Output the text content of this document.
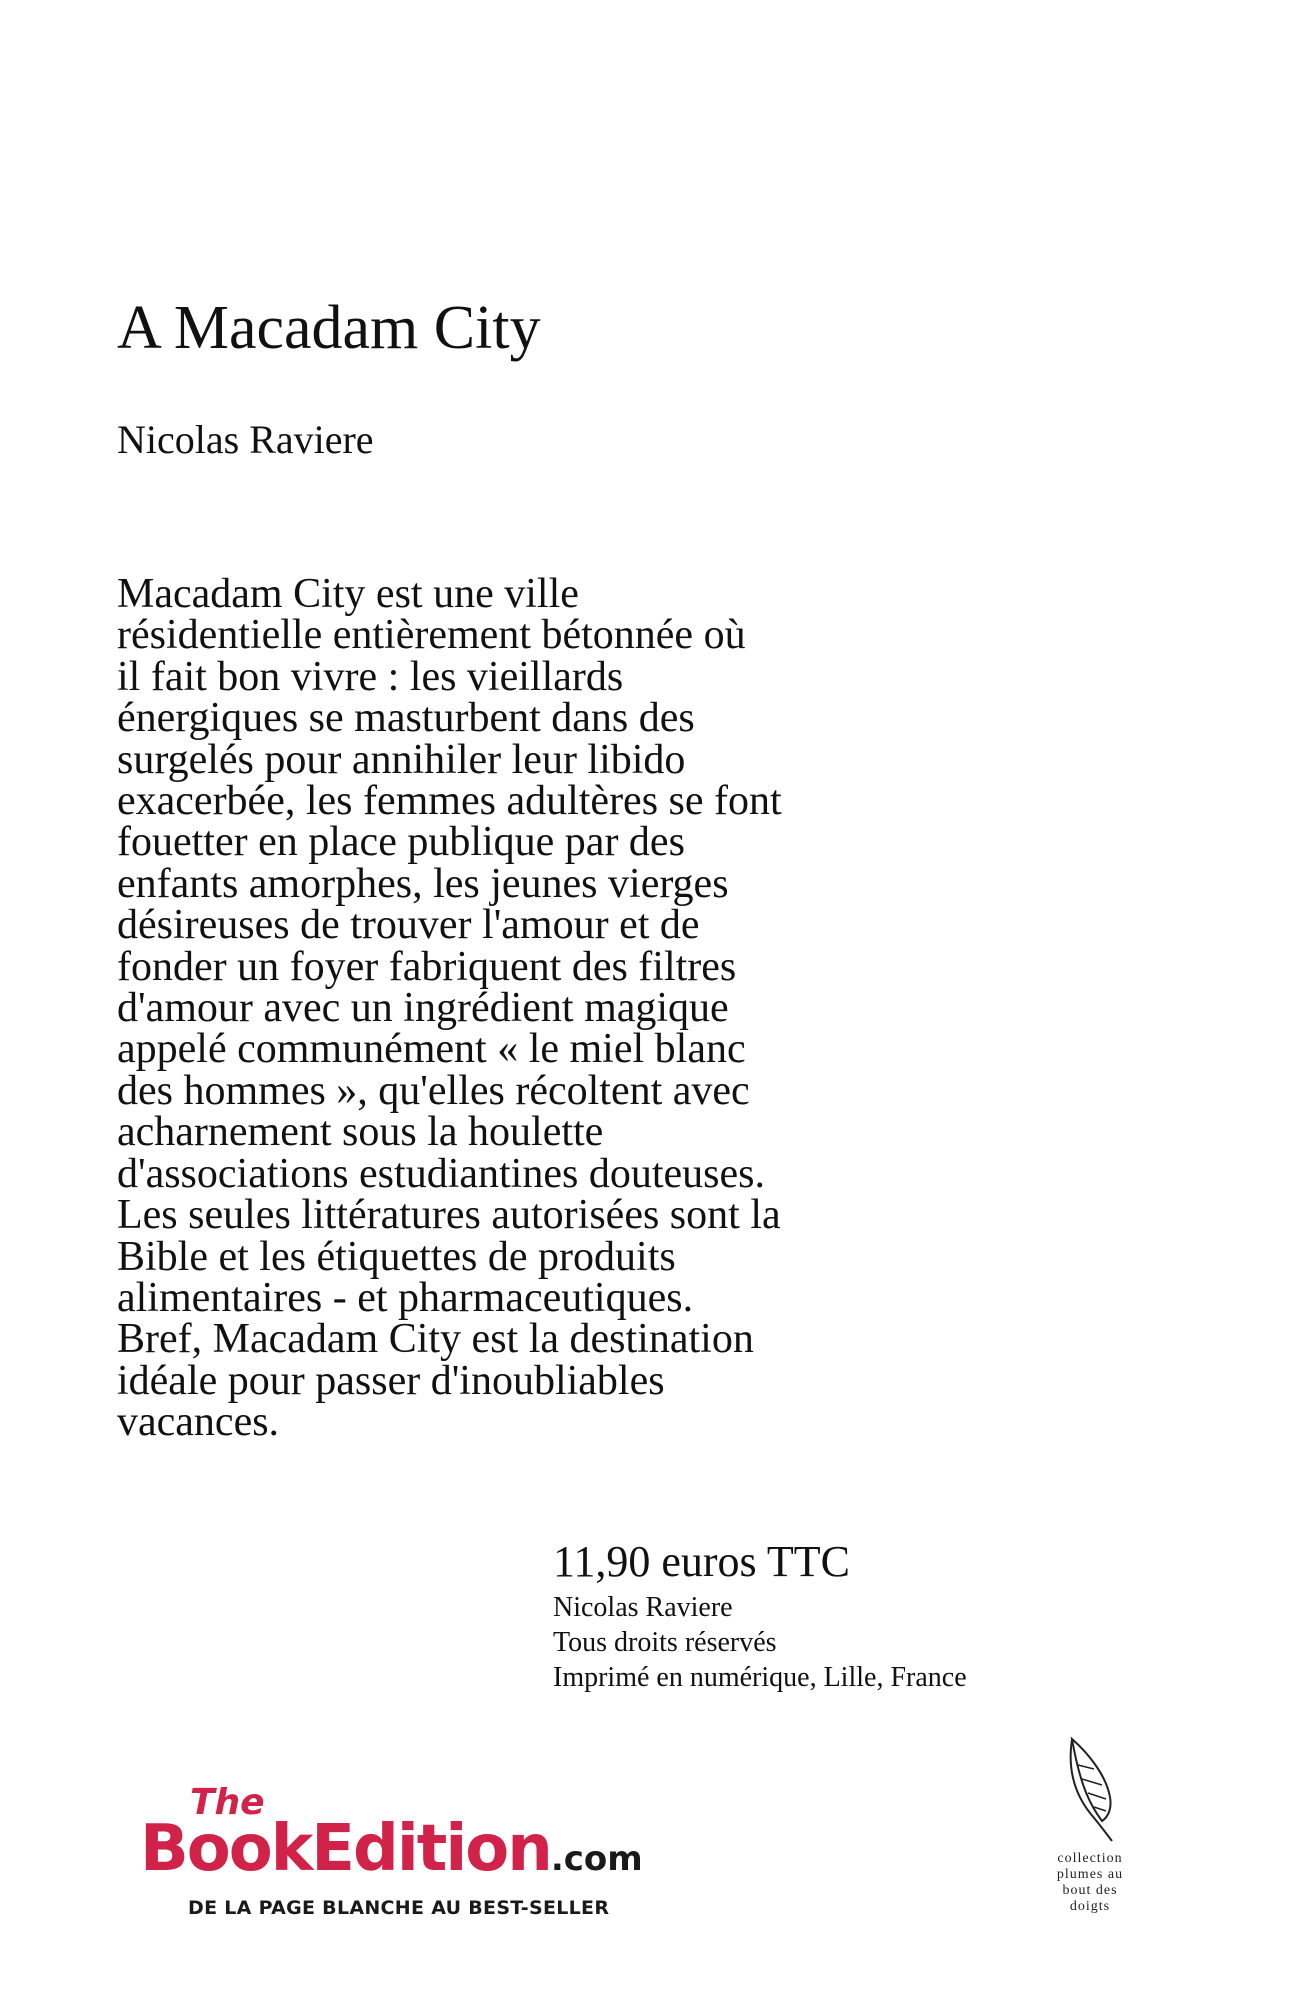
A Macadam City
Nicolas Raviere
Macadam City est une ville
résidentielle entièrement bétonnée où
il fait bon vivre : les vieillards
énergiques se masturbent dans des
surgelés pour annihiler leur libido
exacerbée, les femmes adultères se font
fouetter en place publique par des
enfants amorphes, les jeunes vierges
désireuses de trouver l'amour et de
fonder un foyer fabriquent des filtres
d'amour avec un ingrédient magique
appelé communément « le miel blanc
des hommes », qu'elles récoltent avec
acharnement sous la houlette
d'associations estudiantines douteuses.
Les seules littératures autorisées sont la
Bible et les étiquettes de produits
alimentaires - et pharmaceutiques.
Bref, Macadam City est la destination
idéale pour passer d'inoubliables
vacances.
11,90 euros TTC
Nicolas Raviere
Tous droits réservés
Imprimé en numérique, Lille, France
The
BookEdition.com
DE LA PAGE BLANCHE AU BEST-SELLER
collection
plumes au
bout des
doigts
